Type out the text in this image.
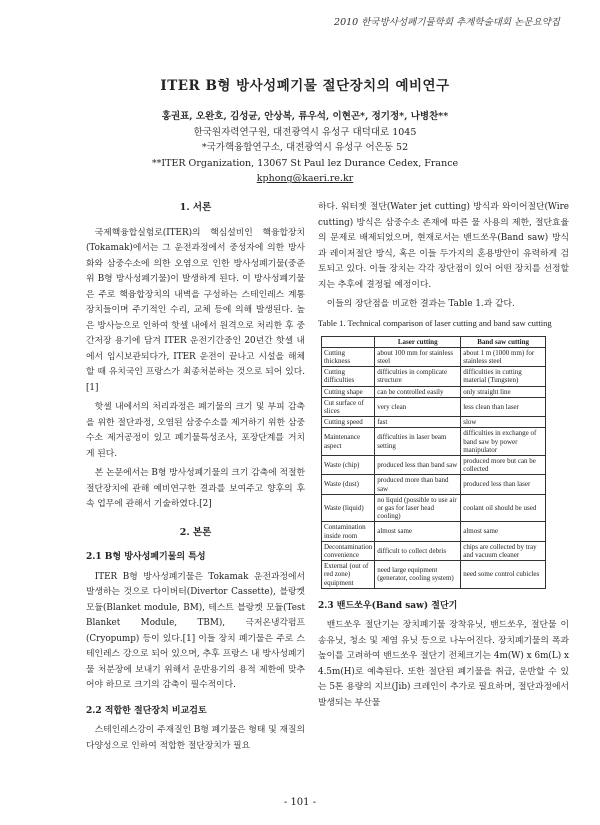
2010 한국방사성폐기물학회 추계학술대회 논문요약집
ITER B형 방사성폐기물 절단장치의 예비연구
홍권표, 오완호, 김성균, 안상복, 류우석, 이현곤*, 정기정*, 나병찬**
한국원자력연구원, 대전광역시 유성구 대덕대로 1045
*국가핵융합연구소, 대전광역시 유성구 어은동 52
**ITER Organization, 13067 St Paul lez Durance Cedex, France
kphong@kaeri.re.kr
1. 서론

국제핵융합실험로(ITER)의 핵심설비인 핵융합장치(Tokamak)에서는 그 운전과정에서 중성자에 의한 방사화와 삼중수소에 의한 오염으로 인한 방사성폐기물(중준위 B형 방사성폐기물)이 발생하게 된다. 이 방사성폐기물은 주로 핵융합장치의 내벽을 구성하는 스테인레스 계통 장치들이며 주기적인 수리, 교체 등에 의해 발생된다. 높은 방사능으로 인하여 핫셀 내에서 원격으로 처리한 후 중간저장 용기에 담겨 ITER 운전기간중인 20년간 핫셀 내에서 임시보관되다가, ITER 운전이 끝나고 시설을 해체할 때 유치국인 프랑스가 최종처분하는 것으로 되어 있다.[1]

핫셀 내에서의 처리과정은 폐기물의 크기 및 부피 감축을 위한 절단과정, 오염된 삼중수소를 제거하기 위한 삼중수소 제거공정이 있고 폐기물특성조사, 포장단계를 거치게 된다.

본 논문에서는 B형 방사성폐기물의 크기 감축에 적절한 절단장치에 관해 예비연구한 결과를 보여주고 향후의 후속 업무에 관해서 기술하였다.[2]

2. 본론
2.1 B형 방사성폐기물의 특성

ITER B형 방사성폐기물은 Tokamak 운전과정에서 발생하는 것으로 다이버터(Divertor Cassette), 블랑켓 모듈(Blanket module, BM), 테스트 블랑켓 모듈(Test Blanket Module, TBM), 극저온냉각펌프(Cryopump) 등이 있다.[1] 이들 장치 폐기물은 주로 스테인레스 강으로 되어 있으며, 추후 프랑스 내 방사성폐기물 처분장에 보내기 위해서 운반용기의 용적 제한에 맞추어야 하므로 크기의 감축이 필수적이다.

2.2 적합한 절단장치 비교검토

스테인레스강이 주재질인 B형 폐기물은 형태 및 재질의 다양성으로 인하여 적합한 절단장치가 필요

하다. 워터젯 절단(Water jet cutting) 방식과 와이어절단(Wire cutting) 방식은 삼중수소 존재에 따른 물 사용의 제한, 절단효율의 문제로 배제되었으며, 현재로서는 밴드쏘우(Band saw) 방식과 레이저절단 방식, 혹은 이들 두가지의 혼용방안이 유력하게 검토되고 있다. 이들 장치는 각각 장단점이 있어 어떤 장치를 선정할 지는 추후에 결정될 예정이다.

이들의 장단점을 비교한 결과는 Table 1.과 같다.

Table 1. Technical comparison of laser cutting and band saw cutting
	Laser cutting	Band saw cutting
Cutting thickness	about 100 mm for stainless steel	about 1 m (1000 mm) for stainless steel
Cutting difficulties	difficulties in complicate structure	difficulties in cutting material (Tungsten)
Cutting shape	can be controlled easily	only straight line
Cut surface of slices	very clean	less clean than laser
Cutting speed	fast	slow
Maintenance aspect	difficulties in laser beam setting	difficulties in exchange of band saw by power manipulator
Waste (chip)	produced less than band saw	produced more but can be collected
Waste (dust)	produced more than band saw	produced less than laser
Waste (liquid)	no liquid (possible to use air or gas for laser head cooling)	coolant oil should be used
Contamination inside room	almost same	almost same
Decontamination convenience	difficult to collect debris	chips are collected by tray and vacuum cleaner
External (out of red zone) equipment	need large equipment (generator, cooling system)	need some control cubicles
2.3 밴드쏘우(Band saw) 절단기

밴드쏘우 절단기는 장치폐기물 장착유닛, 밴드쏘우, 절단물 이송유닛, 청소 및 제염 유닛 등으로 나누어진다. 장치폐기물의 폭과 높이를 고려하여 밴드쏘우 절단기 전체크기는 4m(W) x 6m(L) x 4.5m(H)로 예측된다. 또한 절단된 폐기물을 취급, 운반할 수 있는 5톤 용량의 지브(Jib) 크레인이 추가로 필요하며, 절단과정에서 발생되는 부산물

- 101 -
